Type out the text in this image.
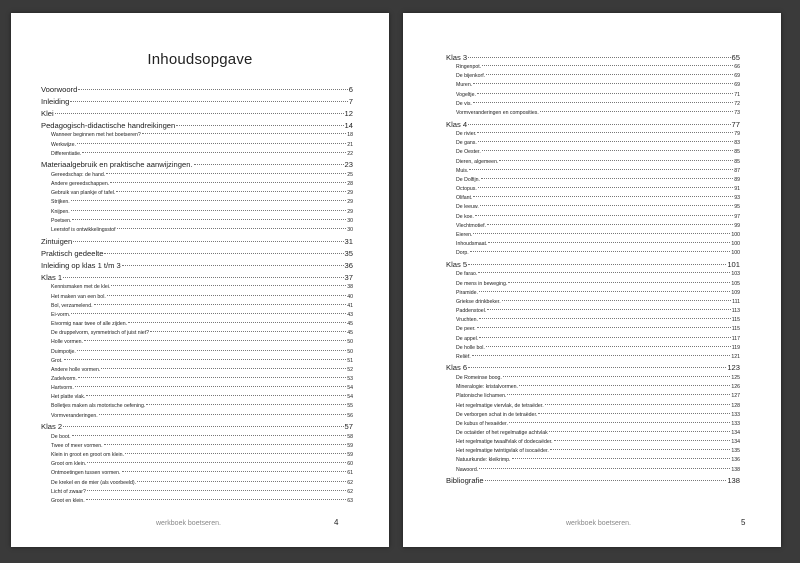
Inhoudsopgave
Voorwoord	6
Inleiding	7
Klei	12
Pedagogisch-didactische handreikingen	14
Wanneer beginnen met het boetseren?	18
Werkwijze.	21
Differentiatie.	22
Materiaalgebruik en praktische aanwijzingen.	23
Gereedschap: de hand.	25
Andere gereedschappen.	28
Gebruik van plankje of tafel.	29
Strijken.	29
Knijpen.	29
Poetsen.	30
Leerstof is ontwikkelingsstof	30
Zintuigen	31
Praktisch gedeelte	35
Inleiding op klas 1 t/m 3	36
Klas 1	37
Kennismaken met de klei.	38
Het maken van een bol.	40
Bol, verzamelend.	41
Ei-vorm.	43
Eivormig naar twee of alle zijden.	45
De druppelvorm, symmetrisch of juist niet?	45
Holle vormen.	50
Duimpotje.	50
Grot.	51
Andere holle vormen.	52
Zadelvorm.	53
Hartvorm.	54
Het platte vlak.	54
Bolletjes maken als motorische oefening.	55
Vormveranderingen.	56
Klas 2	57
De boot.	58
Twee of meer vormen.	59
Klein in groot en groot om klein.	59
Groot om klein.	60
Ontmoetingen tussen vormen.	61
De krekel en de mier (als voorbeeld).	62
Licht of zwaar?	62
Groot en klein.	63
werkboek boetseren.	4
Klas 3	65
Ringenpot.	66
De bijenkorf.	69
Muren.	69
Vogeltje.	71
De vis.	72
Vormveranderingen en composities.	73
Klas 4	77
De rivier.	79
De gans.	83
De Oester.	85
Dieren, algemeen.	85
Muis.	87
De Dolfijn.	89
Octopus.	91
Olifant.	93
De leeuw.	95
De koe.	97
Vlechtmotief.	99
Eieren.	100
Inhoudsmaat.	100
Dorp.	100
Klas 5	101
De farao.	103
De mens in beweging.	105
Piramide.	109
Griekse drinkbeker.	111
Paddenstoel.	113
Vruchten.	115
De peer.	115
De appel.	117
De holle bol.	119
Reliëf.	121
Klas 6	123
De Romeinse boog.	125
Mineralogie: kristalvormen.	126
Platonische lichamen.	127
Het regelmatige viervlak, de tetraëder.	128
De verborgen schat in de tetraëder.	133
De kubus of hexaëder.	133
De octaëder of het regelmatige achtvlak	134
Het regelmatige twaalfvlak of dodecaëder.	134
Het regelmatige twintigvlak of isocaëder.	135
Natuurkunde: kleikrimp.	136
Nawoord.	138
Bibliografie	138
werkboek boetseren.	5
